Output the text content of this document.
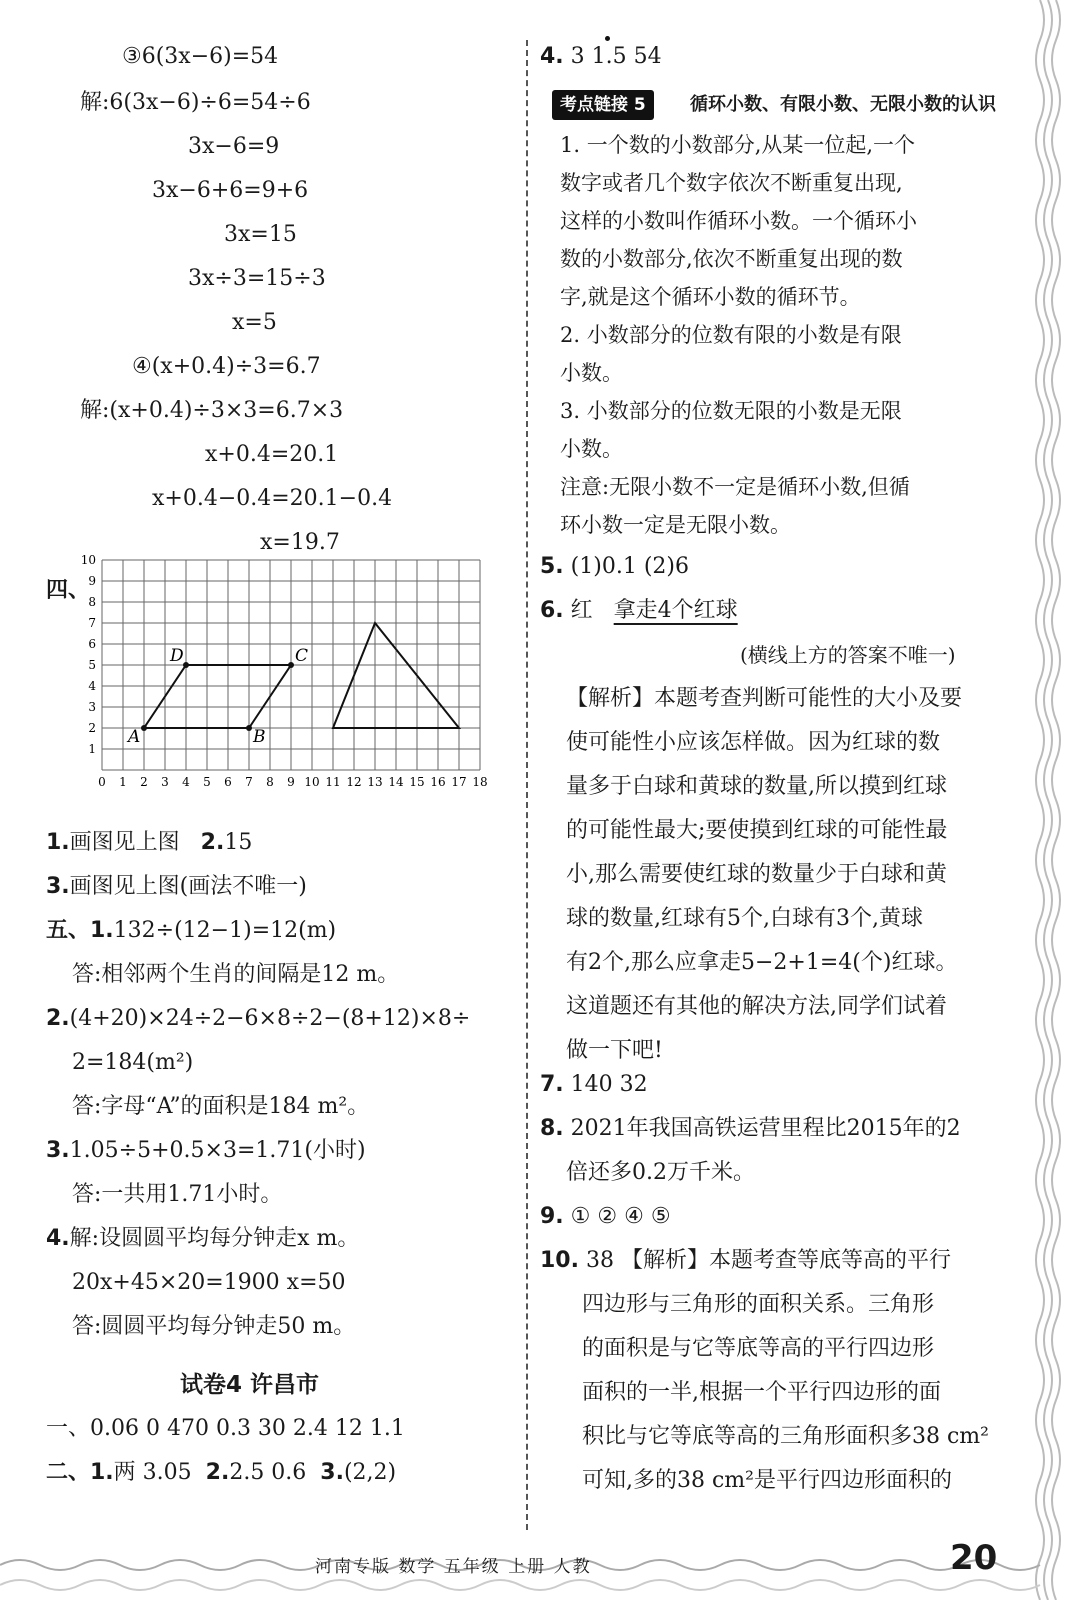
③6(3x−6)=54
解:6(3x−6)÷6=54÷6
3x−6=9
3x−6+6=9+6
3x=15
3x÷3=15÷3
x=5
④(x+0.4)÷3=6.7
解:(x+0.4)÷3×3=6.7×3
x+0.4=20.1
x+0.4−0.4=20.1−0.4
x=19.7
四、
0 1 2 3 4 5 6 7 8 9 10 11 12 13 14 15 16 17 18
1
2
3
4
5
6
7
8
9
10
A	B
C
D
1.画图见上图 2.15
3.画图见上图(画法不唯一)
五、1.132÷(12−1)=12(m)
答:相邻两个生肖的间隔是12 m。
2.(4+20)×24÷2−6×8÷2−(8+12)×8÷
2=184(m²)
答:字母“A”的面积是184 m²。
3.1.05÷5+0.5×3=1.71(小时)
答:一共用1.71小时。
4.解:设圆圆平均每分钟走x m。
20x+45×20=1900 x=50
答:圆圆平均每分钟走50 m。
试卷4 许昌市
一、0.06 0 470 0.3 30 2.4 12 1.1
二、1.两 3.05 2.2.5 0.6 3.(2,2)
4. 3 1.5 54
考点链接 5	循环小数、有限小数、无限小数的认识
1. 一个数的小数部分,从某一位起,一个
数字或者几个数字依次不断重复出现,
这样的小数叫作循环小数。一个循环小
数的小数部分,依次不断重复出现的数
字,就是这个循环小数的循环节。
2. 小数部分的位数有限的小数是有限
小数。
3. 小数部分的位数无限的小数是无限
小数。
注意:无限小数不一定是循环小数,但循
环小数一定是无限小数。
5. (1)0.1 (2)6
6. 红 拿走4个红球
(横线上方的答案不唯一)
【解析】本题考查判断可能性的大小及要
使可能性小应该怎样做。因为红球的数
量多于白球和黄球的数量,所以摸到红球
的可能性最大;要使摸到红球的可能性最
小,那么需要使红球的数量少于白球和黄
球的数量,红球有5个,白球有3个,黄球
有2个,那么应拿走5−2+1=4(个)红球。
这道题还有其他的解决方法,同学们试着
做一下吧!
7. 140 32
8. 2021年我国高铁运营里程比2015年的2
倍还多0.2万千米。
9. ① ② ④ ⑤
10. 38 【解析】本题考查等底等高的平行
四边形与三角形的面积关系。三角形
的面积是与它等底等高的平行四边形
面积的一半,根据一个平行四边形的面
积比与它等底等高的三角形面积多38 cm²
可知,多的38 cm²是平行四边形面积的
河南专版 数学 五年级 上册 人教	20
